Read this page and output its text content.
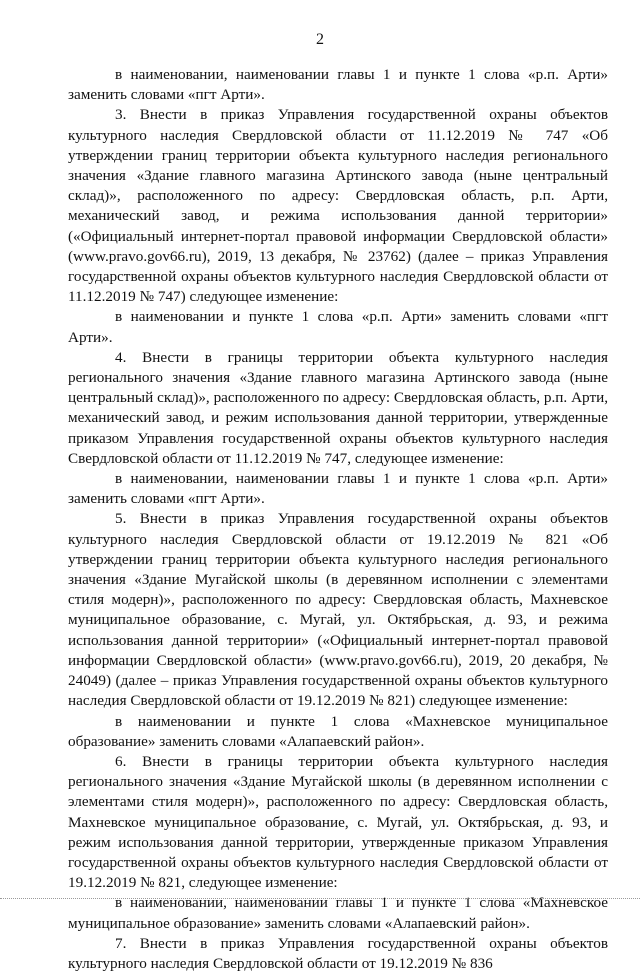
2

в наименовании, наименовании главы 1 и пункте 1 слова «р.п. Арти» заменить словами «пгт Арти».

3. Внести в приказ Управления государственной охраны объектов культурного наследия Свердловской области от 11.12.2019 № 747 «Об утверждении границ территории объекта культурного наследия регионального значения «Здание главного магазина Артинского завода (ныне центральный склад)», расположенного по адресу: Свердловская область, р.п. Арти, механический завод, и режима использования данной территории» («Официальный интернет-портал правовой информации Свердловской области» (www.pravo.gov66.ru), 2019, 13 декабря, № 23762) (далее – приказ Управления государственной охраны объектов культурного наследия Свердловской области от 11.12.2019 № 747) следующее изменение:

в наименовании и пункте 1 слова «р.п. Арти» заменить словами «пгт Арти».

4. Внести в границы территории объекта культурного наследия регионального значения «Здание главного магазина Артинского завода (ныне центральный склад)», расположенного по адресу: Свердловская область, р.п. Арти, механический завод, и режим использования данной территории, утвержденные приказом Управления государственной охраны объектов культурного наследия Свердловской области от 11.12.2019 № 747, следующее изменение:

в наименовании, наименовании главы 1 и пункте 1 слова «р.п. Арти» заменить словами «пгт Арти».

5. Внести в приказ Управления государственной охраны объектов культурного наследия Свердловской области от 19.12.2019 № 821 «Об утверждении границ территории объекта культурного наследия регионального значения «Здание Мугайской школы (в деревянном исполнении с элементами стиля модерн)», расположенного по адресу: Свердловская область, Махневское муниципальное образование, с. Мугай, ул. Октябрьская, д. 93, и режима использования данной территории» («Официальный интернет-портал правовой информации Свердловской области» (www.pravo.gov66.ru), 2019, 20 декабря, № 24049) (далее – приказ Управления государственной охраны объектов культурного наследия Свердловской области от 19.12.2019 № 821) следующее изменение:

в наименовании и пункте 1 слова «Махневское муниципальное образование» заменить словами «Алапаевский район».

6. Внести в границы территории объекта культурного наследия регионального значения «Здание Мугайской школы (в деревянном исполнении с элементами стиля модерн)», расположенного по адресу: Свердловская область, Махневское муниципальное образование, с. Мугай, ул. Октябрьская, д. 93, и режим использования данной территории, утвержденные приказом Управления государственной охраны объектов культурного наследия Свердловской области от 19.12.2019 № 821, следующее изменение:

в наименовании, наименовании главы 1 и пункте 1 слова «Махневское муниципальное образование» заменить словами «Алапаевский район».

7. Внести в приказ Управления государственной охраны объектов культурного наследия Свердловской области от 19.12.2019 № 836
